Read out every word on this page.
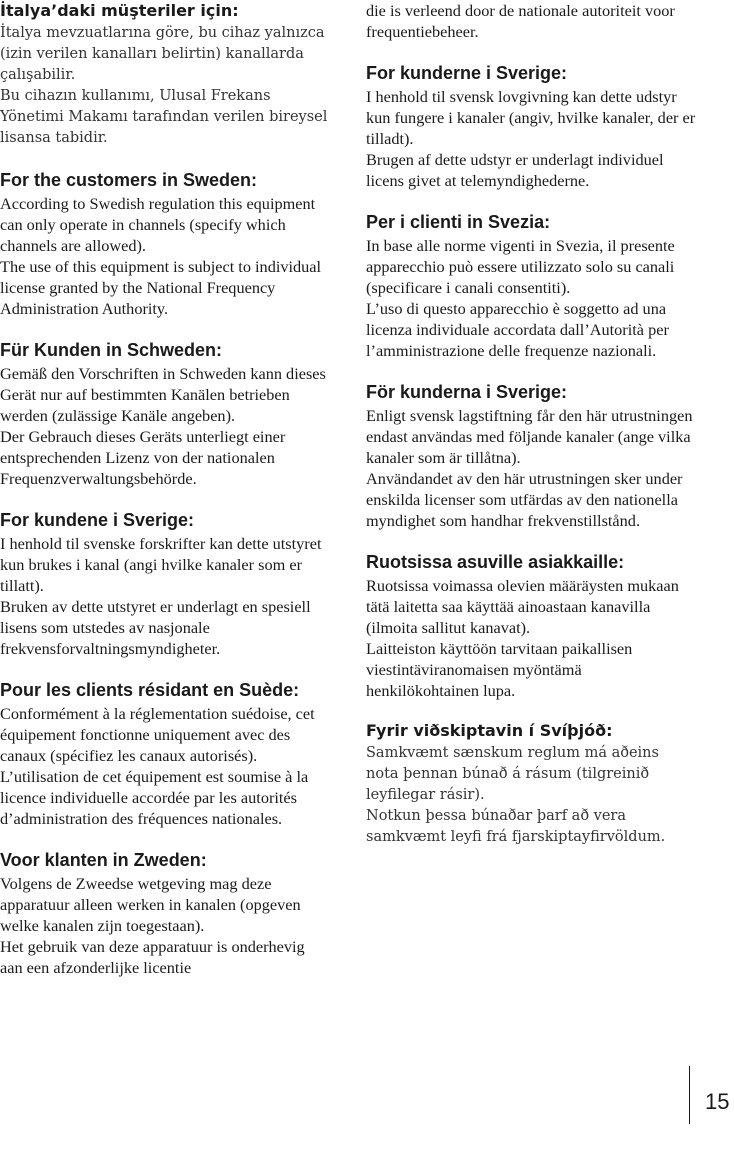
İtalya’daki müşteriler için:

İtalya mevzuatlarına göre, bu cihaz yalnızca (izin verilen kanalları belirtin) kanallarda çalışabilir.

Bu cihazın kullanımı, Ulusal Frekans Yönetimi Makamı tarafından verilen bireysel lisansa tabidir.

For the customers in Sweden:

According to Swedish regulation this equipment can only operate in channels (specify which channels are allowed).

The use of this equipment is subject to individual license granted by the National Frequency Administration Authority.

Für Kunden in Schweden:

Gemäß den Vorschriften in Schweden kann dieses Gerät nur auf bestimmten Kanälen betrieben werden (zulässige Kanäle angeben).

Der Gebrauch dieses Geräts unterliegt einer entsprechenden Lizenz von der nationalen Frequenzverwaltungsbehörde.

For kundene i Sverige:

I henhold til svenske forskrifter kan dette utstyret kun brukes i kanal (angi hvilke kanaler som er tillatt).

Bruken av dette utstyret er underlagt en spesiell lisens som utstedes av nasjonale frekvensforvaltningsmyndigheter.

Pour les clients résidant en Suède:

Conformément à la réglementation suédoise, cet équipement fonctionne uniquement avec des canaux (spécifiez les canaux autorisés).

L’utilisation de cet équipement est soumise à la licence individuelle accordée par les autorités d’administration des fréquences nationales.

Voor klanten in Zweden:

Volgens de Zweedse wetgeving mag deze apparatuur alleen werken in kanalen (opgeven welke kanalen zijn toegestaan).

Het gebruik van deze apparatuur is onderhevig aan een afzonderlijke licentie

die is verleend door de nationale autoriteit voor frequentiebeheer.

For kunderne i Sverige:

I henhold til svensk lovgivning kan dette udstyr kun fungere i kanaler (angiv, hvilke kanaler, der er tilladt).

Brugen af dette udstyr er underlagt individuel licens givet at telemyndighederne.

Per i clienti in Svezia:

In base alle norme vigenti in Svezia, il presente apparecchio può essere utilizzato solo su canali (specificare i canali consentiti).

L’uso di questo apparecchio è soggetto ad una licenza individuale accordata dall’Autorità per l’amministrazione delle frequenze nazionali.

För kunderna i Sverige:

Enligt svensk lagstiftning får den här utrustningen endast användas med följande kanaler (ange vilka kanaler som är tillåtna).

Användandet av den här utrustningen sker under enskilda licenser som utfärdas av den nationella myndighet som handhar frekvenstillstånd.

Ruotsissa asuville asiakkaille:

Ruotsissa voimassa olevien määräysten mukaan tätä laitetta saa käyttää ainoastaan kanavilla (ilmoita sallitut kanavat).

Laitteiston käyttöön tarvitaan paikallisen viestintäviranomaisen myöntämä henkilökohtainen lupa.

Fyrir viðskiptavin í Svíþjóð:

Samkvæmt sænskum reglum má aðeins nota þennan búnað á rásum (tilgreinið leyfilegar rásir).

Notkun þessa búnaðar þarf að vera samkvæmt leyfi frá fjarskiptayfirvöldum.

15
